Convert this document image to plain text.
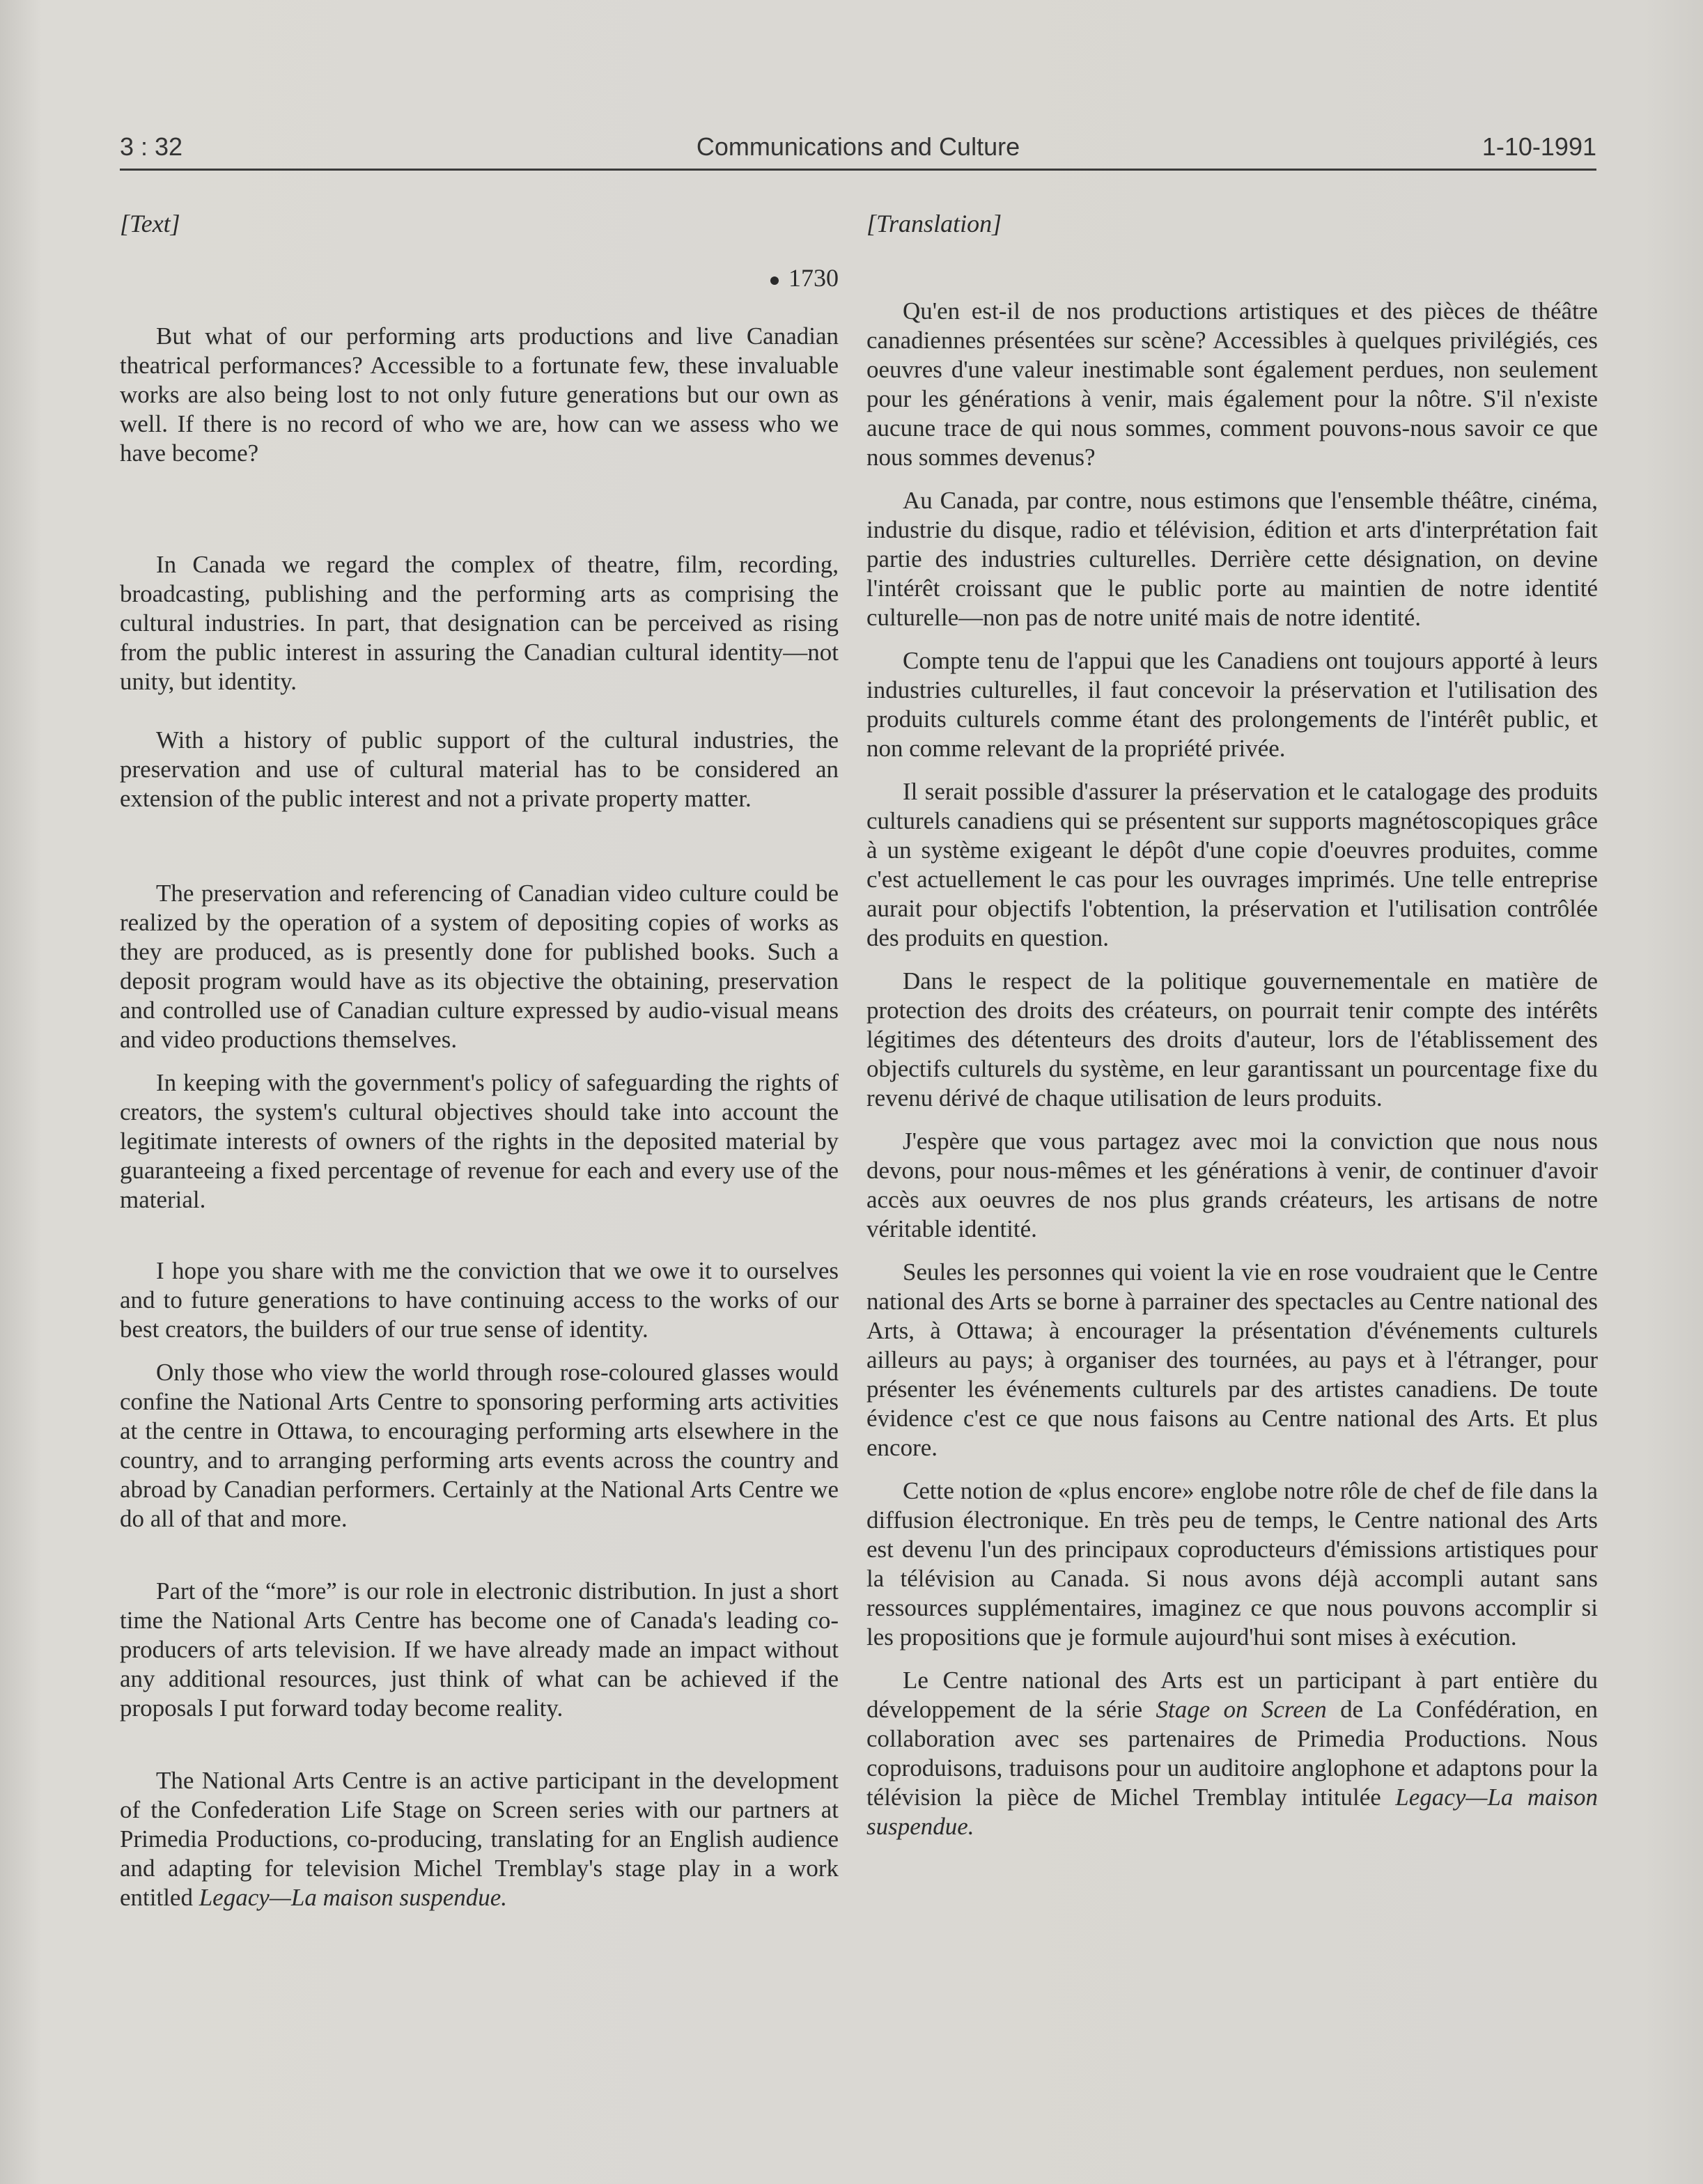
3 : 32	Communications and Culture	1-10-1991
[Text]
1730

But what of our performing arts productions and live Canadian theatrical performances? Accessible to a fortunate few, these invaluable works are also being lost to not only future generations but our own as well. If there is no record of who we are, how can we assess who we have become?

In Canada we regard the complex of theatre, film, recording, broadcasting, publishing and the performing arts as comprising the cultural industries. In part, that designation can be perceived as rising from the public interest in assuring the Canadian cultural identity—not unity, but identity.

With a history of public support of the cultural industries, the preservation and use of cultural material has to be considered an extension of the public interest and not a private property matter.

The preservation and referencing of Canadian video culture could be realized by the operation of a system of depositing copies of works as they are produced, as is presently done for published books. Such a deposit program would have as its objective the obtaining, preservation and controlled use of Canadian culture expressed by audio-visual means and video productions themselves.

In keeping with the government's policy of safeguarding the rights of creators, the system's cultural objectives should take into account the legitimate interests of owners of the rights in the deposited material by guaranteeing a fixed percentage of revenue for each and every use of the material.

I hope you share with me the conviction that we owe it to ourselves and to future generations to have continuing access to the works of our best creators, the builders of our true sense of identity.

Only those who view the world through rose-coloured glasses would confine the National Arts Centre to sponsoring performing arts activities at the centre in Ottawa, to encouraging performing arts elsewhere in the country, and to arranging performing arts events across the country and abroad by Canadian performers. Certainly at the National Arts Centre we do all of that and more.

Part of the “more” is our role in electronic distribution. In just a short time the National Arts Centre has become one of Canada's leading co-producers of arts television. If we have already made an impact without any additional resources, just think of what can be achieved if the proposals I put forward today become reality.

The National Arts Centre is an active participant in the development of the Confederation Life Stage on Screen series with our partners at Primedia Productions, co-producing, translating for an English audience and adapting for television Michel Tremblay's stage play in a work entitled Legacy—La maison suspendue.

[Translation]

Qu'en est-il de nos productions artistiques et des pièces de théâtre canadiennes présentées sur scène? Accessibles à quelques privilégiés, ces oeuvres d'une valeur inestimable sont également perdues, non seulement pour les générations à venir, mais également pour la nôtre. S'il n'existe aucune trace de qui nous sommes, comment pouvons-nous savoir ce que nous sommes devenus?

Au Canada, par contre, nous estimons que l'ensemble théâtre, cinéma, industrie du disque, radio et télévision, édition et arts d'interprétation fait partie des industries culturelles. Derrière cette désignation, on devine l'intérêt croissant que le public porte au maintien de notre identité culturelle—non pas de notre unité mais de notre identité.

Compte tenu de l'appui que les Canadiens ont toujours apporté à leurs industries culturelles, il faut concevoir la préservation et l'utilisation des produits culturels comme étant des prolongements de l'intérêt public, et non comme relevant de la propriété privée.

Il serait possible d'assurer la préservation et le catalogage des produits culturels canadiens qui se présentent sur supports magnétoscopiques grâce à un système exigeant le dépôt d'une copie d'oeuvres produites, comme c'est actuellement le cas pour les ouvrages imprimés. Une telle entreprise aurait pour objectifs l'obtention, la préservation et l'utilisation contrôlée des produits en question.

Dans le respect de la politique gouvernementale en matière de protection des droits des créateurs, on pourrait tenir compte des intérêts légitimes des détenteurs des droits d'auteur, lors de l'établissement des objectifs culturels du système, en leur garantissant un pourcentage fixe du revenu dérivé de chaque utilisation de leurs produits.

J'espère que vous partagez avec moi la conviction que nous nous devons, pour nous-mêmes et les générations à venir, de continuer d'avoir accès aux oeuvres de nos plus grands créateurs, les artisans de notre véritable identité.

Seules les personnes qui voient la vie en rose voudraient que le Centre national des Arts se borne à parrainer des spectacles au Centre national des Arts, à Ottawa; à encourager la présentation d'événements culturels ailleurs au pays; à organiser des tournées, au pays et à l'étranger, pour présenter les événements culturels par des artistes canadiens. De toute évidence c'est ce que nous faisons au Centre national des Arts. Et plus encore.

Cette notion de «plus encore» englobe notre rôle de chef de file dans la diffusion électronique. En très peu de temps, le Centre national des Arts est devenu l'un des principaux coproducteurs d'émissions artistiques pour la télévision au Canada. Si nous avons déjà accompli autant sans ressources supplémentaires, imaginez ce que nous pouvons accomplir si les propositions que je formule aujourd'hui sont mises à exécution.

Le Centre national des Arts est un participant à part entière du développement de la série Stage on Screen de La Confédération, en collaboration avec ses partenaires de Primedia Productions. Nous coproduisons, traduisons pour un auditoire anglophone et adaptons pour la télévision la pièce de Michel Tremblay intitulée Legacy—La maison suspendue.
